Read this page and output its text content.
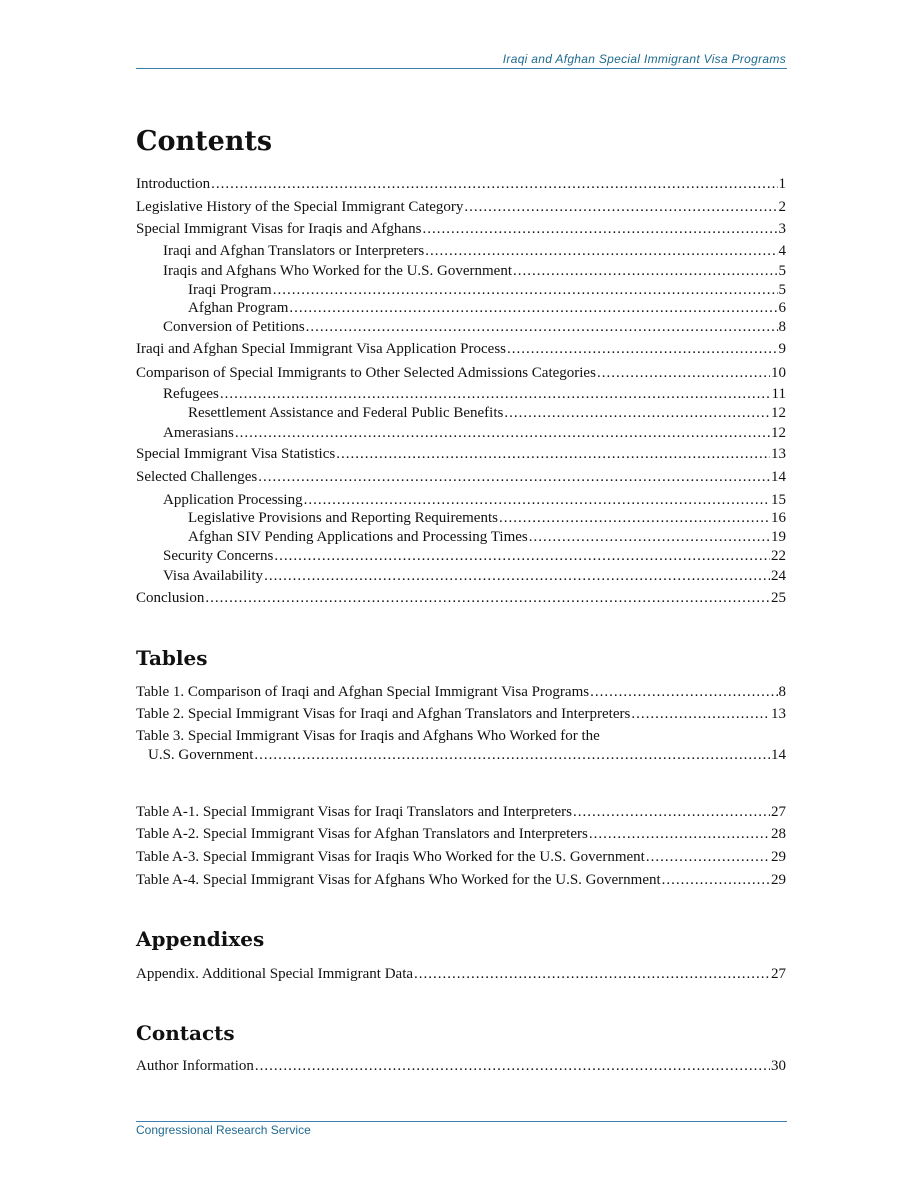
Iraqi and Afghan Special Immigrant Visa Programs
Contents
Introduction .....	1
Legislative History of the Special Immigrant Category .....	2
Special Immigrant Visas for Iraqis and Afghans .....	3
Iraqi and Afghan Translators or Interpreters .....	4
Iraqis and Afghans Who Worked for the U.S. Government .....	5
Iraqi Program .....	5
Afghan Program .....	6
Conversion of Petitions .....	8
Iraqi and Afghan Special Immigrant Visa Application Process .....	9
Comparison of Special Immigrants to Other Selected Admissions Categories .....	10
Refugees .....	11
Resettlement Assistance and Federal Public Benefits .....	12
Amerasians .....	12
Special Immigrant Visa Statistics .....	13
Selected Challenges .....	14
Application Processing .....	15
Legislative Provisions and Reporting Requirements .....	16
Afghan SIV Pending Applications and Processing Times .....	19
Security Concerns .....	22
Visa Availability .....	24
Conclusion .....	25
Tables
Table 1. Comparison of Iraqi and Afghan Special Immigrant Visa Programs .....	8
Table 2. Special Immigrant Visas for Iraqi and Afghan Translators and Interpreters .....	13
Table 3. Special Immigrant Visas for Iraqis and Afghans Who Worked for the
U.S. Government .....	14
Table A-1. Special Immigrant Visas for Iraqi Translators and Interpreters .....	27
Table A-2. Special Immigrant Visas for Afghan Translators and Interpreters .....	28
Table A-3. Special Immigrant Visas for Iraqis Who Worked for the U.S. Government .....	29
Table A-4. Special Immigrant Visas for Afghans Who Worked for the U.S. Government .....	29
Appendixes
Appendix. Additional Special Immigrant Data .....	27
Contacts
Author Information .....	30
Congressional Research Service
